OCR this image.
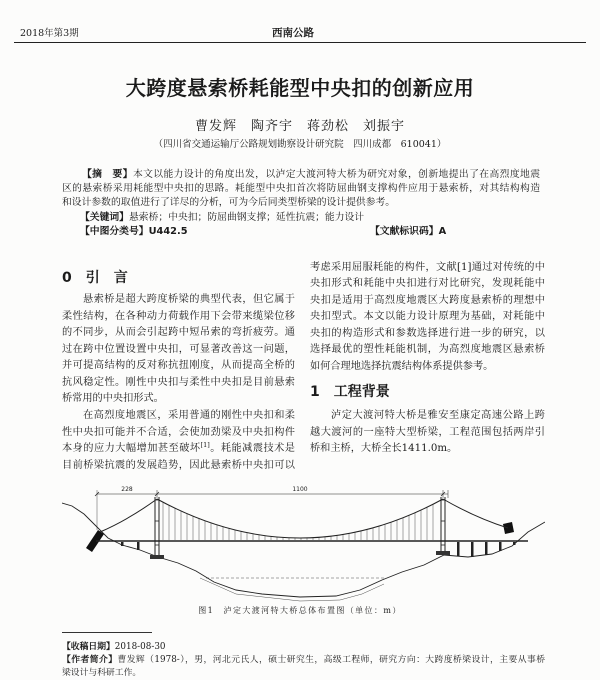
2018年第3期	西南公路
大跨度悬索桥耗能型中央扣的创新应用
曹发辉　陶齐宇　蒋劲松　刘振宇
（四川省交通运输厅公路规划勘察设计研究院　四川成都　610041）
【摘　要】本文以能力设计的角度出发，以泸定大渡河特大桥为研究对象，创新地提出了在高烈度地震
区的悬索桥采用耗能型中央扣的思路。耗能型中央扣首次将防屈曲钢支撑构件应用于悬索桥，对其结构构造
和设计参数的取值进行了详尽的分析，可为今后同类型桥梁的设计提供参考。
【关键词】悬索桥；中央扣；防屈曲钢支撑；延性抗震；能力设计
【中图分类号】U442.5	【文献标识码】A
0　引　言
悬索桥是超大跨度桥梁的典型代表，但它属于
柔性结构，在各种动力荷载作用下会带来缆梁位移
的不同步，从而会引起跨中短吊索的弯折疲劳。通
过在跨中位置设置中央扣，可显著改善这一问题，
并可提高结构的反对称抗扭刚度，从而提高全桥的
抗风稳定性。刚性中央扣与柔性中央扣是目前悬索
桥常用的中央扣形式。
在高烈度地震区，采用普通的刚性中央扣和柔
性中央扣可能并不合适，会使加劲梁及中央扣构件
本身的应力大幅增加甚至破坏[1]。耗能减震技术是
目前桥梁抗震的发展趋势，因此悬索桥中央扣可以
考虑采用屈服耗能的构件，文献[1]通过对传统的中
央扣形式和耗能中央扣进行对比研究，发现耗能中
央扣是适用于高烈度地震区大跨度悬索桥的理想中
央扣型式。本文以能力设计原理为基础，对耗能中
央扣的构造形式和参数选择进行进一步的研究，以
选择最优的塑性耗能机制，为高烈度地震区悬索桥
如何合理地选择抗震结构体系提供参考。
1　工程背景
泸定大渡河特大桥是雅安至康定高速公路上跨
越大渡河的一座特大型桥梁，工程范围包括两岸引
桥和主桥，大桥全长1411.0m。
228	1100
图1　泸定大渡河特大桥总体布置图（单位：m）
【收稿日期】2018-08-30
【作者简介】曹发辉（1978-），男，河北元氏人，硕士研究生，高级工程师，研究方向：大跨度桥梁设计，主要从事桥
梁设计与科研工作。
